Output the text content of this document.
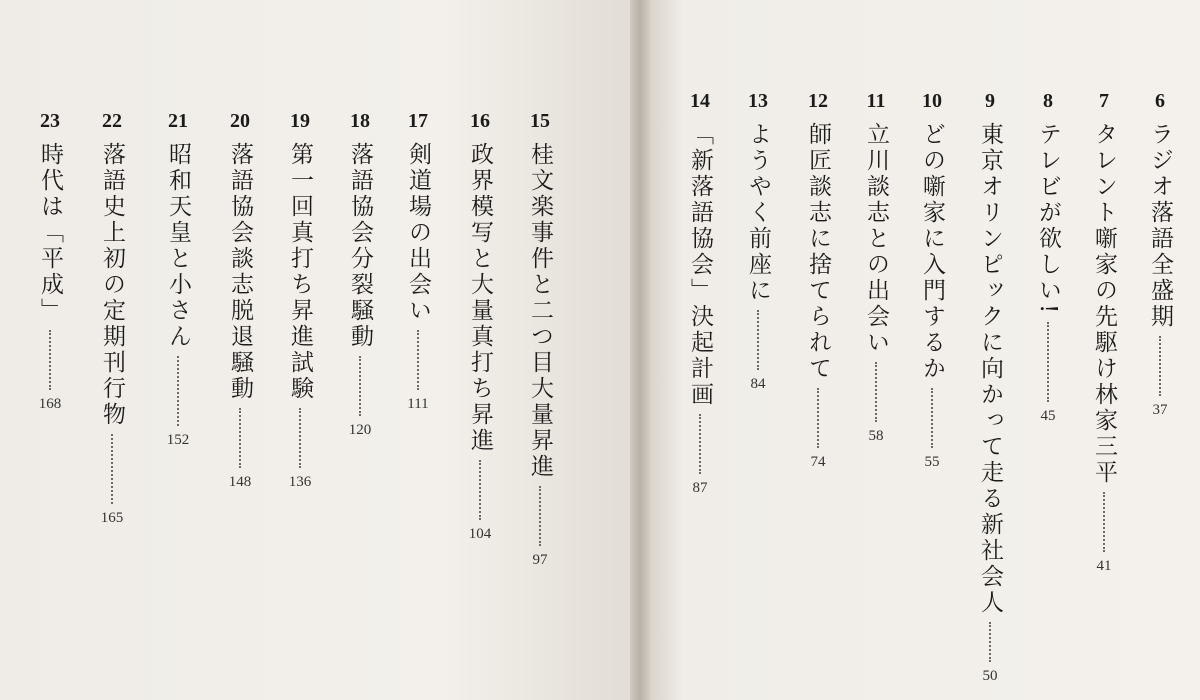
23
時代は「平成」
168
22
落語史上初の定期刊行物
165
21
昭和天皇と小さん
152
20
落語協会談志脱退騒動
148
19
第一回真打ち昇進試験
136
18
落語協会分裂騒動
120
17
剣道場の出会い
111
16
政界模写と大量真打ち昇進
104
15
桂文楽事件と二つ目大量昇進
97
14
「新落語協会」決起計画
87
13
ようやく前座に
84
12
師匠談志に捨てられて
74
11
立川談志との出会い
58
10
どの噺家に入門するか
55
9
東京オリンピックに向かって走る新社会人
50
8
テレビが欲しい!
45
7
タレント噺家の先駆け林家三平
41
6
ラジオ落語全盛期
37
